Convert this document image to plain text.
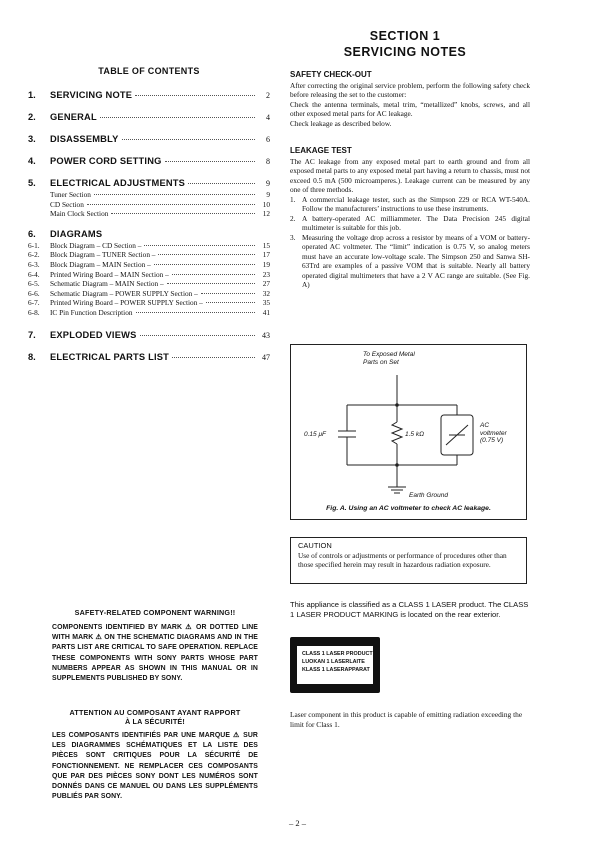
SECTION 1
SERVICING NOTES
TABLE OF CONTENTS
1.	SERVICING NOTE	2
2.	GENERAL	4
3.	DISASSEMBLY	6
4.	POWER CORD SETTING	8
5.	ELECTRICAL ADJUSTMENTS	9
Tuner Section	9
CD Section	10
Main Clock Section	12
6.	DIAGRAMS
6-1.	Block Diagram – CD Section –	15
6-2.	Block Diagram – TUNER Section –	17
6-3.	Block Diagram – MAIN Section –	19
6-4.	Printed Wiring Board – MAIN Section –	23
6-5.	Schematic Diagram – MAIN Section –	27
6-6.	Schematic Diagram – POWER SUPPLY Section –	32
6-7.	Printed Wiring Board – POWER SUPPLY Section –	35
6-8.	IC Pin Function Description	41
7.	EXPLODED VIEWS	43
8.	ELECTRICAL PARTS LIST	47
SAFETY CHECK-OUT

After correcting the original service problem, perform the following safety check before releasing the set to the customer:

Check the antenna terminals, metal trim, “metallized” knobs, screws, and all other exposed metal parts for AC leakage.

Check leakage as described below.

LEAKAGE TEST

The AC leakage from any exposed metal part to earth ground and from all exposed metal parts to any exposed metal part having a return to chassis, must not exceed 0.5 mA (500 microamperes.). Leakage current can be measured by any one of three methods.

1. A commercial leakage tester, such as the Simpson 229 or RCA WT-540A. Follow the manufacturers’ instructions to use these instruments.
2. A battery-operated AC milliammeter. The Data Precision 245 digital multimeter is suitable for this job.
3. Measuring the voltage drop across a resistor by means of a VOM or battery-operated AC voltmeter. The “limit” indication is 0.75 V, so analog meters must have an accurate low-voltage scale. The Simpson 250 and Sanwa SH-63Trd are examples of a passive VOM that is suitable. Nearly all battery operated digital multimeters that have a 2 V AC range are suitable. (See Fig. A)
To Exposed Metal
Parts on Set
0.15 μF	1.5 kΩ
AC
voltmeter
(0.75 V)
Earth Ground
Fig. A. Using an AC voltmeter to check AC leakage.
CAUTION
Use of controls or adjustments or performance of procedures other than those specified herein may result in hazardous radiation exposure.
This appliance is classified as a CLASS 1 LASER product. The CLASS 1 LASER PRODUCT MARKING is located on the rear exterior.
CLASS 1 LASER PRODUCT
LUOKAN 1 LASERLAITE
KLASS 1 LASERAPPARAT
Laser component in this product is capable of emitting radiation exceeding the limit for Class 1.
SAFETY-RELATED COMPONENT WARNING!!
COMPONENTS IDENTIFIED BY MARK ⚠ OR DOTTED LINE WITH MARK ⚠ ON THE SCHEMATIC DIAGRAMS AND IN THE PARTS LIST ARE CRITICAL TO SAFE OPERATION. REPLACE THESE COMPONENTS WITH SONY PARTS WHOSE PART NUMBERS APPEAR AS SHOWN IN THIS MANUAL OR IN SUPPLEMENTS PUBLISHED BY SONY.
ATTENTION AU COMPOSANT AYANT RAPPORT
À LA SÉCURITÉ!
LES COMPOSANTS IDENTIFIÉS PAR UNE MARQUE ⚠ SUR LES DIAGRAMMES SCHÉMATIQUES ET LA LISTE DES PIÈCES SONT CRITIQUES POUR LA SÉCURITÉ DE FONCTIONNEMENT. NE REMPLACER CES COMPOSANTS QUE PAR DES PIÈCES SONY DONT LES NUMÉROS SONT DONNÉS DANS CE MANUEL OU DANS LES SUPPLÉMENTS PUBLIÉS PAR SONY.
– 2 –
